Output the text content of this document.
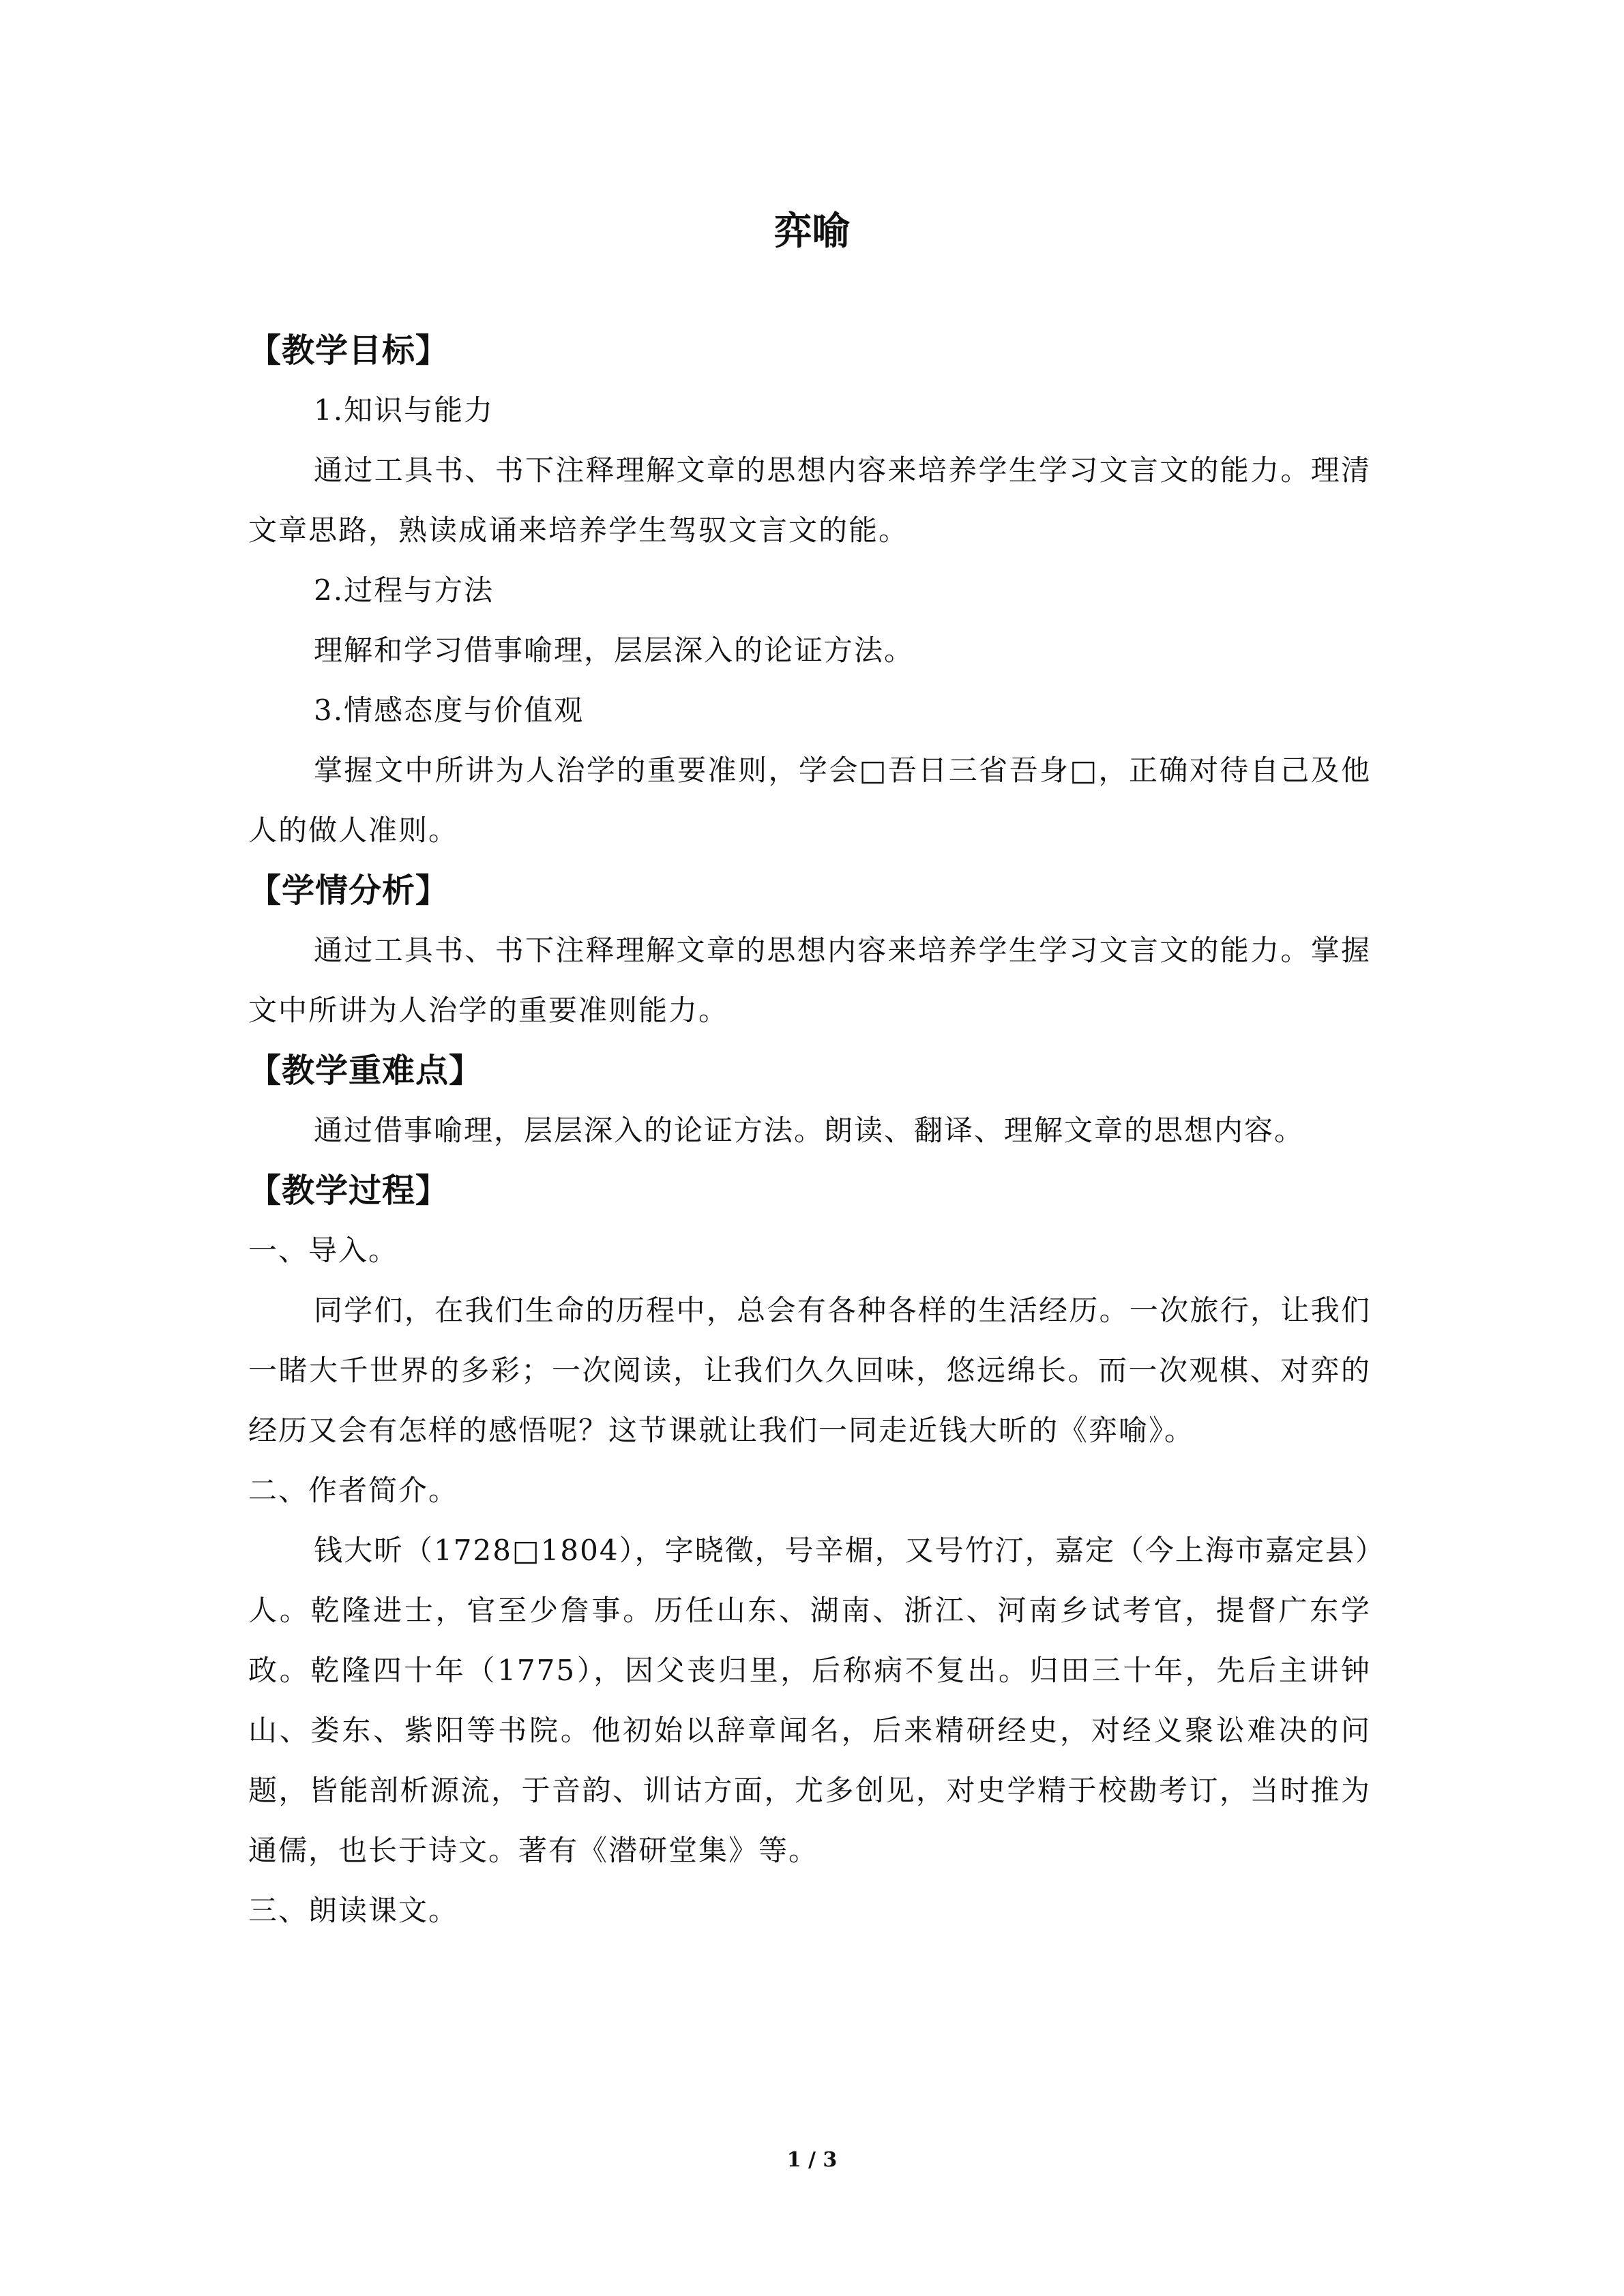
弈喻
【教学目标】
1.知识与能力
通过工具书、书下注释理解文章的思想内容来培养学生学习文言文的能力。理清文章思路，熟读成诵来培养学生驾驭文言文的能。
2.过程与方法
理解和学习借事喻理，层层深入的论证方法。
3.情感态度与价值观
掌握文中所讲为人治学的重要准则，学会□吾日三省吾身□，正确对待自己及他人的做人准则。
【学情分析】
通过工具书、书下注释理解文章的思想内容来培养学生学习文言文的能力。掌握文中所讲为人治学的重要准则能力。
【教学重难点】
通过借事喻理，层层深入的论证方法。朗读、翻译、理解文章的思想内容。
【教学过程】
一、导入。
同学们，在我们生命的历程中，总会有各种各样的生活经历。一次旅行，让我们一睹大千世界的多彩；一次阅读，让我们久久回味，悠远绵长。而一次观棋、对弈的经历又会有怎样的感悟呢？这节课就让我们一同走近钱大昕的《弈喻》。
二、作者简介。
钱大昕（1728□1804），字晓徵，号辛楣，又号竹汀，嘉定（今上海市嘉定县）人。乾隆进士，官至少詹事。历任山东、湖南、浙江、河南乡试考官，提督广东学政。乾隆四十年（1775），因父丧归里，后称病不复出。归田三十年，先后主讲钟山、娄东、紫阳等书院。他初始以辞章闻名，后来精研经史，对经义聚讼难决的问题，皆能剖析源流，于音韵、训诂方面，尤多创见，对史学精于校勘考订，当时推为通儒，也长于诗文。著有《潜研堂集》等。
三、朗读课文。
1 / 3
